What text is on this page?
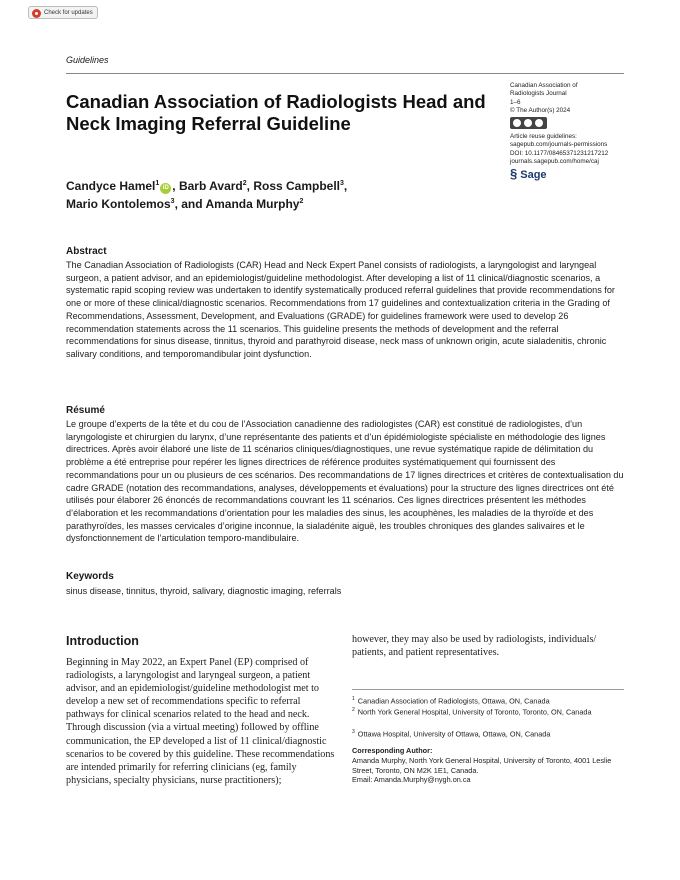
Check for updates
Guidelines
Canadian Association of Radiologists Head and Neck Imaging Referral Guideline
Canadian Association of
Radiologists Journal
1–6
© The Author(s) 2024
Article reuse guidelines:
sagepub.com/journals-permissions
DOI: 10.1177/08465371231217212
journals.sagepub.com/home/caj
§ Sage
Candyce Hamel$^1$iD , Barb Avard$^2$, Ross Campbell$^3$,
Mario Kontolemos$^3$, and Amanda Murphy$^2$
Abstract
The Canadian Association of Radiologists (CAR) Head and Neck Expert Panel consists of radiologists, a laryngologist and laryngeal surgeon, a patient advisor, and an epidemiologist/guideline methodologist. After developing a list of 11 clinical/diagnostic scenarios, a systematic rapid scoping review was undertaken to identify systematically produced referral guidelines that provide recommendations for one or more of these clinical/diagnostic scenarios. Recommendations from 17 guidelines and contextualization criteria in the Grading of Recommendations, Assessment, Development, and Evaluations (GRADE) for guidelines framework were used to develop 26 recommendation statements across the 11 scenarios. This guideline presents the methods of development and the referral recommendations for sinus disease, tinnitus, thyroid and parathyroid disease, neck mass of unknown origin, acute sialadenitis, chronic salivary conditions, and temporomandibular joint dysfunction.
Résumé
Le groupe d’experts de la tête et du cou de l’Association canadienne des radiologistes (CAR) est constitué de radiologistes, d’un laryngologiste et chirurgien du larynx, d’une représentante des patients et d’un épidémiologiste spécialiste en méthodologie des lignes directrices. Après avoir élaboré une liste de 11 scénarios cliniques/diagnostiques, une revue systématique rapide de délimitation du problème a été entreprise pour repérer les lignes directrices de référence produites systématiquement qui fournissent des recommandations pour un ou plusieurs de ces scénarios. Des recommandations de 17 lignes directrices et critères de contextualisation du cadre GRADE (notation des recommandations, analyses, développements et évaluations) pour la structure des lignes directrices ont été utilisés pour élaborer 26 énoncés de recommandations couvrant les 11 scénarios. Ces lignes directrices présentent les méthodes d’élaboration et les recommandations d’orientation pour les maladies des sinus, les acouphènes, les maladies de la thyroïde et des parathyroïdes, les masses cervicales d’origine inconnue, la sialadénite aiguë, les troubles chroniques des glandes salivaires et le dysfonctionnement de l’articulation temporo-mandibulaire.
Keywords
sinus disease, tinnitus, thyroid, salivary, diagnostic imaging, referrals
Introduction
Beginning in May 2022, an Expert Panel (EP) comprised of radiologists, a laryngologist and laryngeal surgeon, a patient advisor, and an epidemiologist/guideline methodologist met to develop a new set of recommendations specific to referral pathways for clinical scenarios related to the head and neck. Through discussion (via a virtual meeting) followed by offline communication, the EP developed a list of 11 clinical/diagnostic scenarios to be covered by this guideline. These recommendations are intended primarily for referring clinicians (eg, family physicians, specialty physicians, nurse practitioners);
however, they may also be used by radiologists, individuals/ patients, and patient representatives.
$^1$ Canadian Association of Radiologists, Ottawa, ON, Canada
$^2$ North York General Hospital, University of Toronto, Toronto, ON, Canada
$^3$ Ottawa Hospital, University of Ottawa, Ottawa, ON, Canada
Corresponding Author:
Amanda Murphy, North York General Hospital, University of Toronto, 4001 Leslie Street, Toronto, ON M2K 1E1, Canada.
Email: Amanda.Murphy@nygh.on.ca
